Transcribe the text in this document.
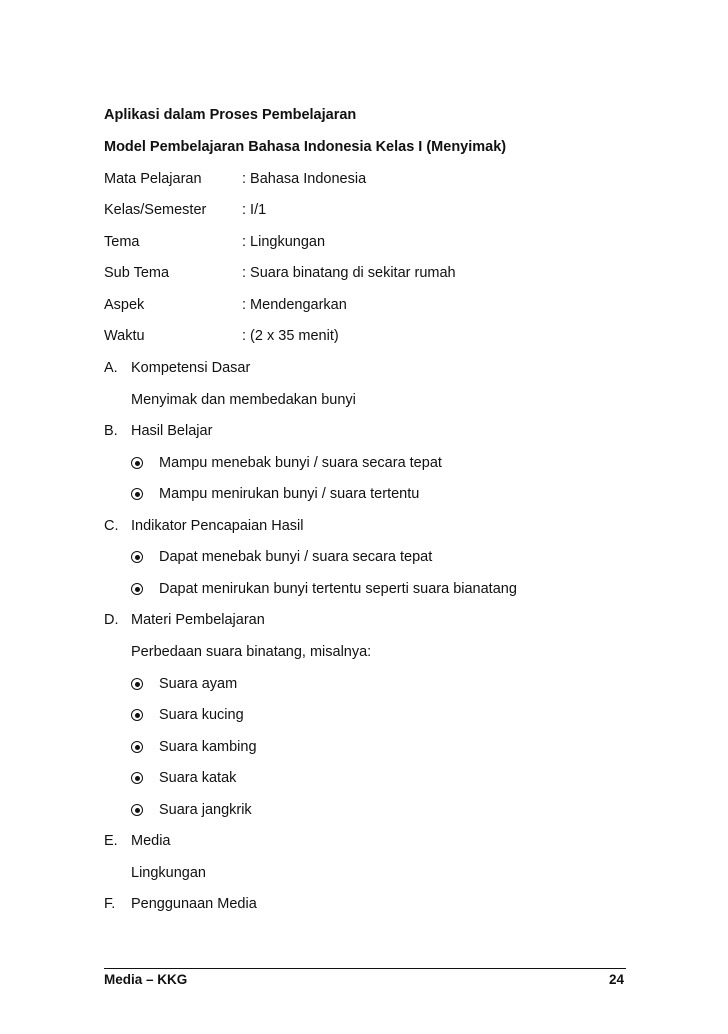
Aplikasi dalam Proses Pembelajaran
Model Pembelajaran Bahasa Indonesia Kelas I (Menyimak)
Mata Pelajaran	: Bahasa Indonesia
Kelas/Semester : I/1
Tema	: Lingkungan
Sub Tema	: Suara binatang di sekitar rumah
Aspek	: Mendengarkan
Waktu	: (2 x 35 menit)
A. Kompetensi Dasar
Menyimak dan membedakan bunyi
B. Hasil Belajar
Mampu menebak bunyi / suara secara tepat
Mampu menirukan bunyi / suara tertentu
C. Indikator Pencapaian Hasil
Dapat menebak bunyi / suara secara tepat
Dapat menirukan bunyi tertentu seperti suara bianatang
D. Materi Pembelajaran
Perbedaan suara binatang, misalnya:
Suara ayam
Suara kucing
Suara kambing
Suara katak
Suara jangkrik
E. Media
Lingkungan
F. Penggunaan Media
Media – KKG	24
